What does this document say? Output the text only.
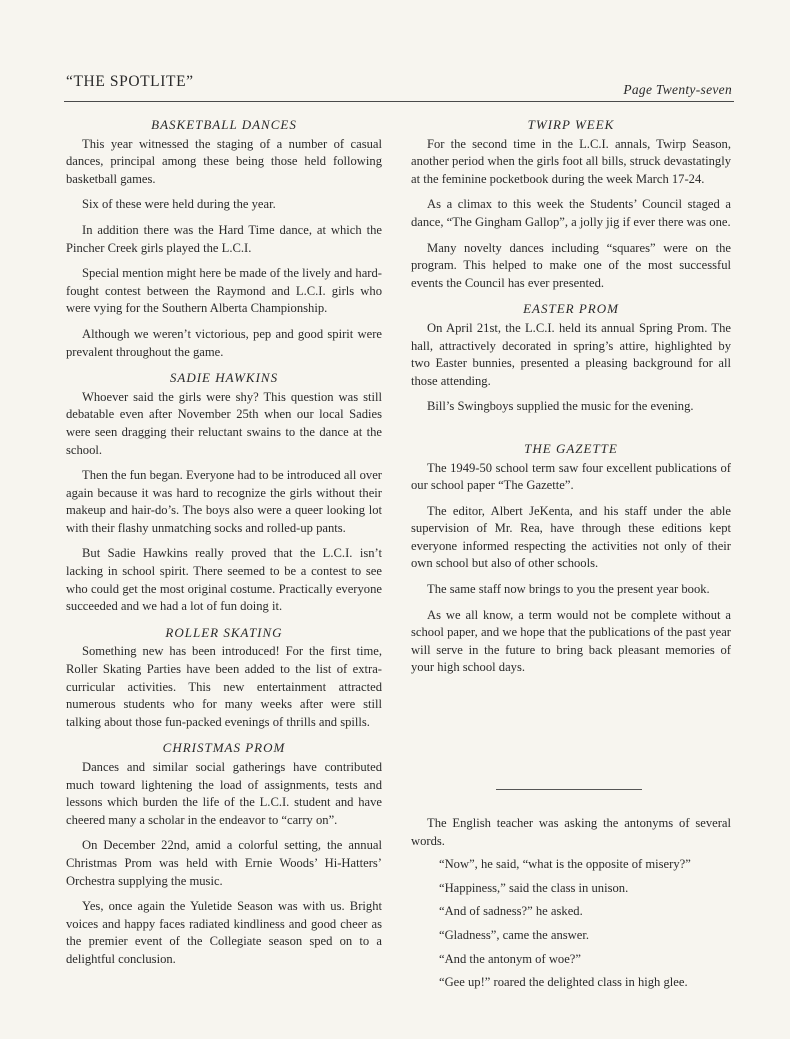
“THE SPOTLITE”	Page Twenty-seven
BASKETBALL DANCES

This year witnessed the staging of a number of casual dances, principal among these being those held following basketball games.

Six of these were held during the year.

In addition there was the Hard Time dance, at which the Pincher Creek girls played the L.C.I.

Special mention might here be made of the lively and hard-fought contest between the Raymond and L.C.I. girls who were vying for the Southern Alberta Championship.

Although we weren’t victorious, pep and good spirit were prevalent throughout the game.

SADIE HAWKINS

Whoever said the girls were shy? This question was still debatable even after November 25th when our local Sadies were seen dragging their reluctant swains to the dance at the school.

Then the fun began. Everyone had to be introduced all over again because it was hard to recognize the girls without their makeup and hair-do’s. The boys also were a queer looking lot with their flashy unmatching socks and rolled-up pants.

But Sadie Hawkins really proved that the L.C.I. isn’t lacking in school spirit. There seemed to be a contest to see who could get the most original costume. Practically everyone succeeded and we had a lot of fun doing it.

ROLLER SKATING

Something new has been introduced! For the first time, Roller Skating Parties have been added to the list of extra-curricular activities. This new entertainment attracted numerous students who for many weeks after were still talking about those fun-packed evenings of thrills and spills.

CHRISTMAS PROM

Dances and similar social gatherings have contributed much toward lightening the load of assignments, tests and lessons which burden the life of the L.C.I. student and have cheered many a scholar in the endeavor to “carry on”.

On December 22nd, amid a colorful setting, the annual Christmas Prom was held with Ernie Woods’ Hi-Hatters’ Orchestra supplying the music.

Yes, once again the Yuletide Season was with us. Bright voices and happy faces radiated kindliness and good cheer as the premier event of the Collegiate season sped on to a delightful conclusion.

TWIRP WEEK

For the second time in the L.C.I. annals, Twirp Season, another period when the girls foot all bills, struck devastatingly at the feminine pocketbook during the week March 17-24.

As a climax to this week the Students’ Council staged a dance, “The Gingham Gallop”, a jolly jig if ever there was one.

Many novelty dances including “squares” were on the program. This helped to make one of the most successful events the Council has ever presented.

EASTER PROM

On April 21st, the L.C.I. held its annual Spring Prom. The hall, attractively decorated in spring’s attire, highlighted by two Easter bunnies, presented a pleasing background for all those attending.

Bill’s Swingboys supplied the music for the evening.

THE GAZETTE

The 1949-50 school term saw four excellent publications of our school paper “The Gazette”.

The editor, Albert JeKenta, and his staff under the able supervision of Mr. Rea, have through these editions kept everyone informed respecting the activities not only of their own school but also of other schools.

The same staff now brings to you the present year book.

As we all know, a term would not be complete without a school paper, and we hope that the publications of the past year will serve in the future to bring back pleasant memories of your high school days.

The English teacher was asking the antonyms of several words.

“Now”, he said, “what is the opposite of misery?”

“Happiness,” said the class in unison.

“And of sadness?” he asked.

“Gladness”, came the answer.

“And the antonym of woe?”

“Gee up!” roared the delighted class in high glee.
